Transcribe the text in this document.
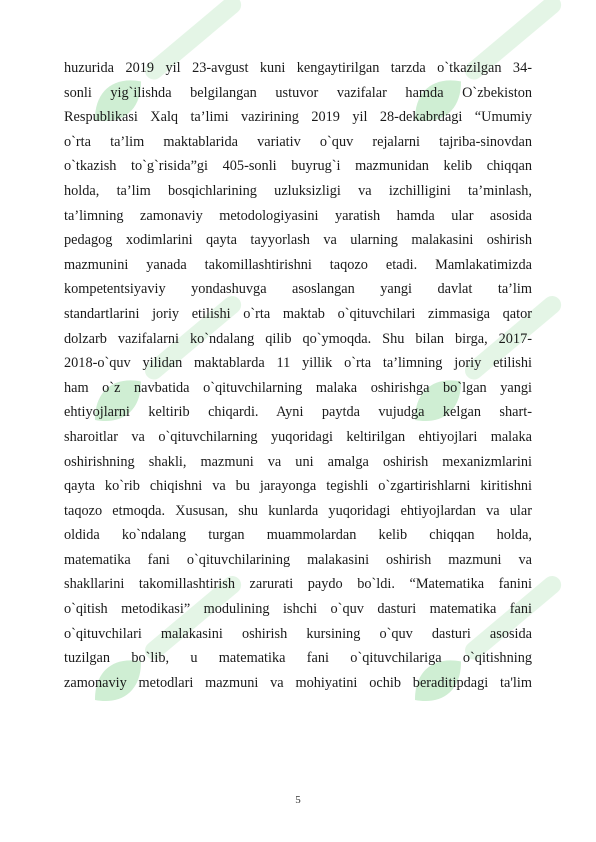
huzurida 2019 yil 23-avgust kuni kengaytirilgan tarzda o`tkazilgan 34-
sonli yig`ilishda belgilangan ustuvor vazifalar hamda O`zbekiston
Respublikasi Xalq ta’limi vazirining 2019 yil 28-dekabrdagi “Umumiy
o`rta ta’lim maktablarida variativ o`quv rejalarni tajriba-sinovdan
o`tkazish to`g`risida”gi 405-sonli buyrug`i mazmunidan kelib chiqqan
holda, ta’lim bosqichlarining uzluksizligi va izchilligini ta’minlash,
ta’limning zamonaviy metodologiyasini yaratish hamda ular asosida
pedagog xodimlarini qayta tayyorlash va ularning malakasini oshirish
mazmunini yanada takomillashtirishni taqozo etadi. Mamlakatimizda
kompetentsiyaviy yondashuvga asoslangan yangi davlat ta’lim
standartlarini joriy etilishi o`rta maktab o`qituvchilari zimmasiga qator
dolzarb vazifalarni ko`ndalang qilib qo`ymoqda. Shu bilan birga, 2017-
2018-o`quv yilidan maktablarda 11 yillik o`rta ta’limning joriy etilishi
ham o`z navbatida o`qituvchilarning malaka oshirishga bo`lgan yangi
ehtiyojlarni keltirib chiqardi. Ayni paytda vujudga kelgan shart-
sharoitlar va o`qituvchilarning yuqoridagi keltirilgan ehtiyojlari malaka
oshirishning shakli, mazmuni va uni amalga oshirish mexanizmlarini
qayta ko`rib chiqishni va bu jarayonga tegishli o`zgartirishlarni kiritishni
taqozo etmoqda. Xususan, shu kunlarda yuqoridagi ehtiyojlardan va ular
oldida ko`ndalang turgan muammolardan kelib chiqqan holda,
matematika fani o`qituvchilarining malakasini oshirish mazmuni va
shakllarini takomillashtirish zarurati paydo bo`ldi. “Matematika fanini
o`qitish metodikasi” modulining ishchi o`quv dasturi matematika fani
o`qituvchilari malakasini oshirish kursining o`quv dasturi asosida
tuzilgan bo`lib, u matematika fani o`qituvchilariga o`qitishning
zamonaviy metodlari mazmuni va mohiyatini ochib beraditipdagi ta'lim
5
